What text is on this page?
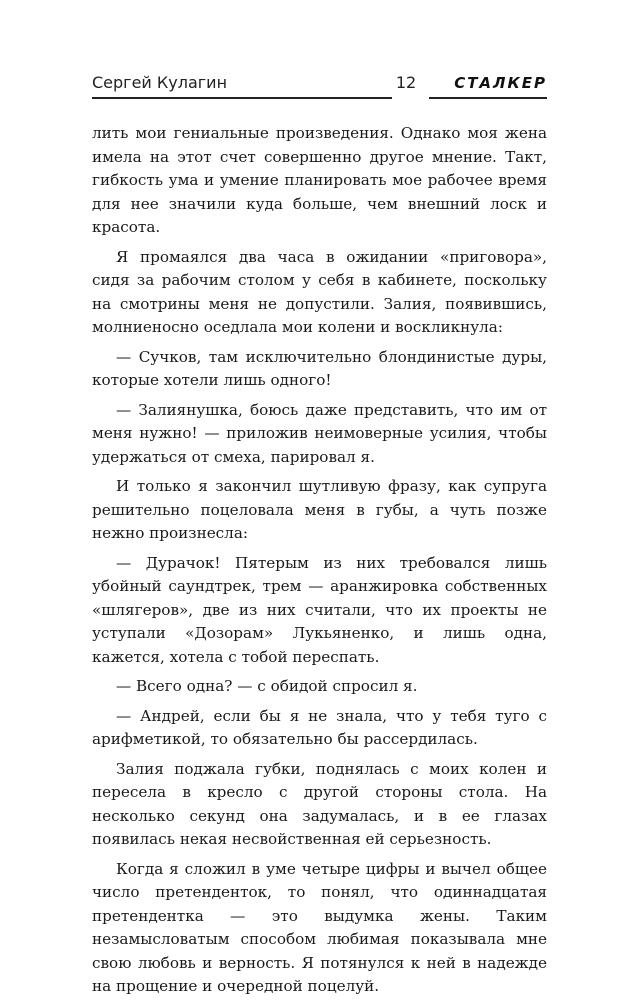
Сергей Кулагин	12	СТАЛКЕР

лить мои гениальные произведения. Однако моя жена имела на этот счет совершенно другое мнение. Такт, гибкость ума и умение планировать мое рабочее время для нее значили куда больше, чем внешний лоск и красота.

Я промаялся два часа в ожидании «приговора», сидя за рабочим столом у себя в кабинете, поскольку на смотрины меня не допустили. Залия, появившись, молниеносно оседлала мои колени и воскликнула:

— Сучков, там исключительно блондинистые дуры, которые хотели лишь одного!

— Залиянушка, боюсь даже представить, что им от меня нужно! — приложив неимоверные усилия, чтобы удержаться от смеха, парировал я.

И только я закончил шутливую фразу, как супруга решительно поцеловала меня в губы, а чуть позже нежно произнесла:

— Дурачок! Пятерым из них требовался лишь убойный саундтрек, трем — аранжировка собственных «шлягеров», две из них считали, что их проекты не уступали «Дозорам» Лукьяненко, и лишь одна, кажется, хотела с тобой переспать.

— Всего одна? — с обидой спросил я.

— Андрей, если бы я не знала, что у тебя туго с арифметикой, то обязательно бы рассердилась.

Залия поджала губки, поднялась с моих колен и пересела в кресло с другой стороны стола. На несколько секунд она задумалась, и в ее глазах появилась некая несвойственная ей серьезность.

Когда я сложил в уме четыре цифры и вычел общее число претенденток, то понял, что одиннадцатая претендентка — это выдумка жены. Таким незамысловатым способом любимая показывала мне свою любовь и верность. Я потянулся к ней в надежде на прощение и очередной поцелуй.
